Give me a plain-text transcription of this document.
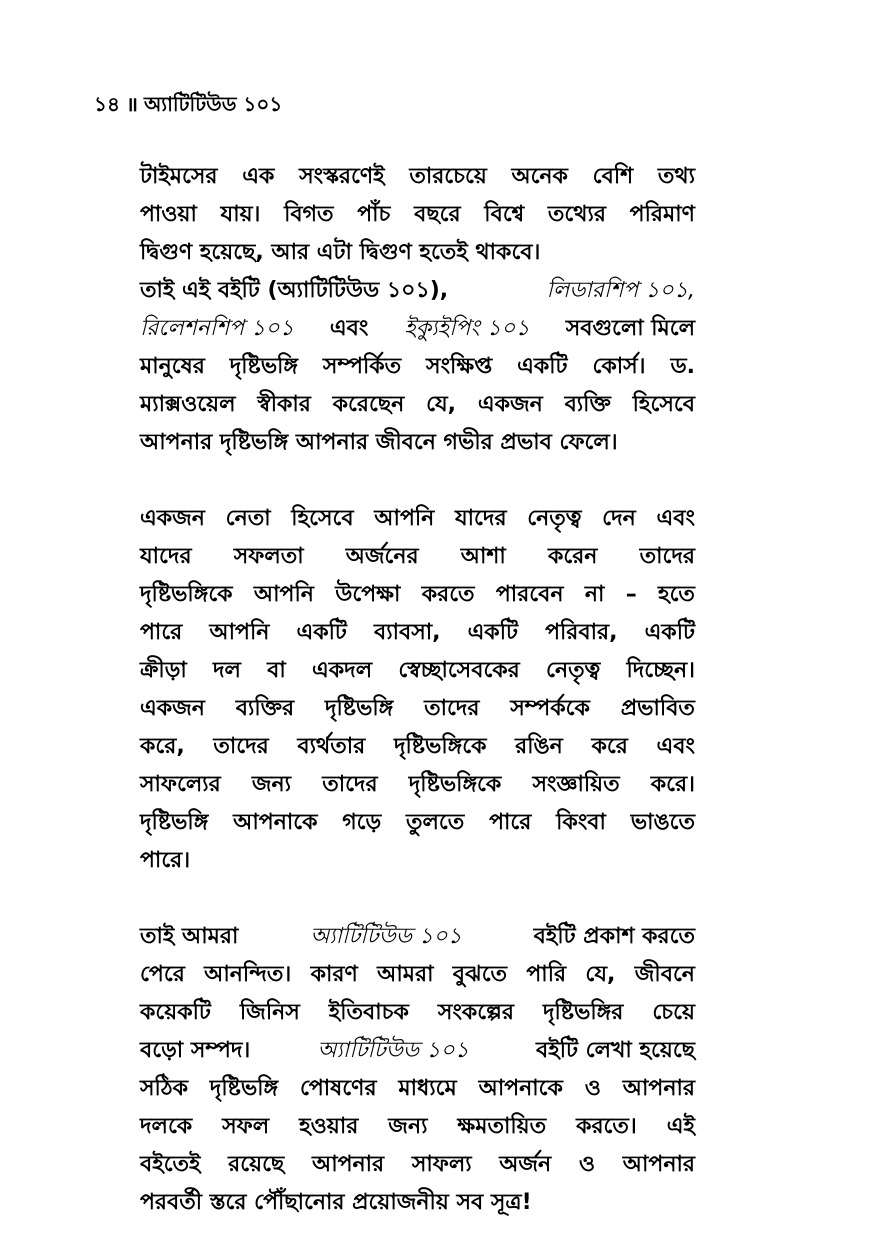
১৪ ॥ অ্যাটিটিউড ১০১
টাইমসের এক সংস্করণেই তারচেয়ে অনেক বেশি তথ্য
পাওয়া যায়। বিগত পাঁচ বছরে বিশ্বে তথ্যের পরিমাণ
দ্বিগুণ হয়েছে, আর এটা দ্বিগুণ হতেই থাকবে।
তাই এই বইটি (অ্যাটিটিউড ১০১),	লিডারশিপ ১০১,
রিলেশনশিপ ১০১ এবং ইক্যুইপিং ১০১ সবগুলো মিলে
মানুষের দৃষ্টিভঙ্গি সম্পর্কিত সংক্ষিপ্ত একটি কোর্স। ড.
ম্যাক্সওয়েল স্বীকার করেছেন যে, একজন ব্যক্তি হিসেবে
আপনার দৃষ্টিভঙ্গি আপনার জীবনে গভীর প্রভাব ফেলে।
একজন নেতা হিসেবে আপনি যাদের নেতৃত্ব দেন এবং
যাদের সফলতা অর্জনের আশা করেন তাদের
দৃষ্টিভঙ্গিকে আপনি উপেক্ষা করতে পারবেন না – হতে
পারে আপনি একটি ব্যাবসা, একটি পরিবার, একটি
ক্রীড়া দল বা একদল স্বেচ্ছাসেবকের নেতৃত্ব দিচ্ছেন।
একজন ব্যক্তির দৃষ্টিভঙ্গি তাদের সম্পর্ককে প্রভাবিত
করে, তাদের ব্যর্থতার দৃষ্টিভঙ্গিকে রঙিন করে এবং
সাফল্যের জন্য তাদের দৃষ্টিভঙ্গিকে সংজ্ঞায়িত করে।
দৃষ্টিভঙ্গি আপনাকে গড়ে তুলতে পারে কিংবা ভাঙতে
পারে।
তাই আমরা	অ্যাটিটিউড ১০১	বইটি প্রকাশ করতে
পেরে আনন্দিত। কারণ আমরা বুঝতে পারি যে, জীবনে
কয়েকটি জিনিস ইতিবাচক সংকল্পের দৃষ্টিভঙ্গির চেয়ে
বড়ো সম্পদ।	অ্যাটিটিউড ১০১	বইটি লেখা হয়েছে
সঠিক দৃষ্টিভঙ্গি পোষণের মাধ্যমে আপনাকে ও আপনার
দলকে সফল হওয়ার জন্য ক্ষমতায়িত করতে। এই
বইতেই রয়েছে আপনার সাফল্য অর্জন ও আপনার
পরবর্তী স্তরে পৌঁছানোর প্রয়োজনীয় সব সূত্র!
